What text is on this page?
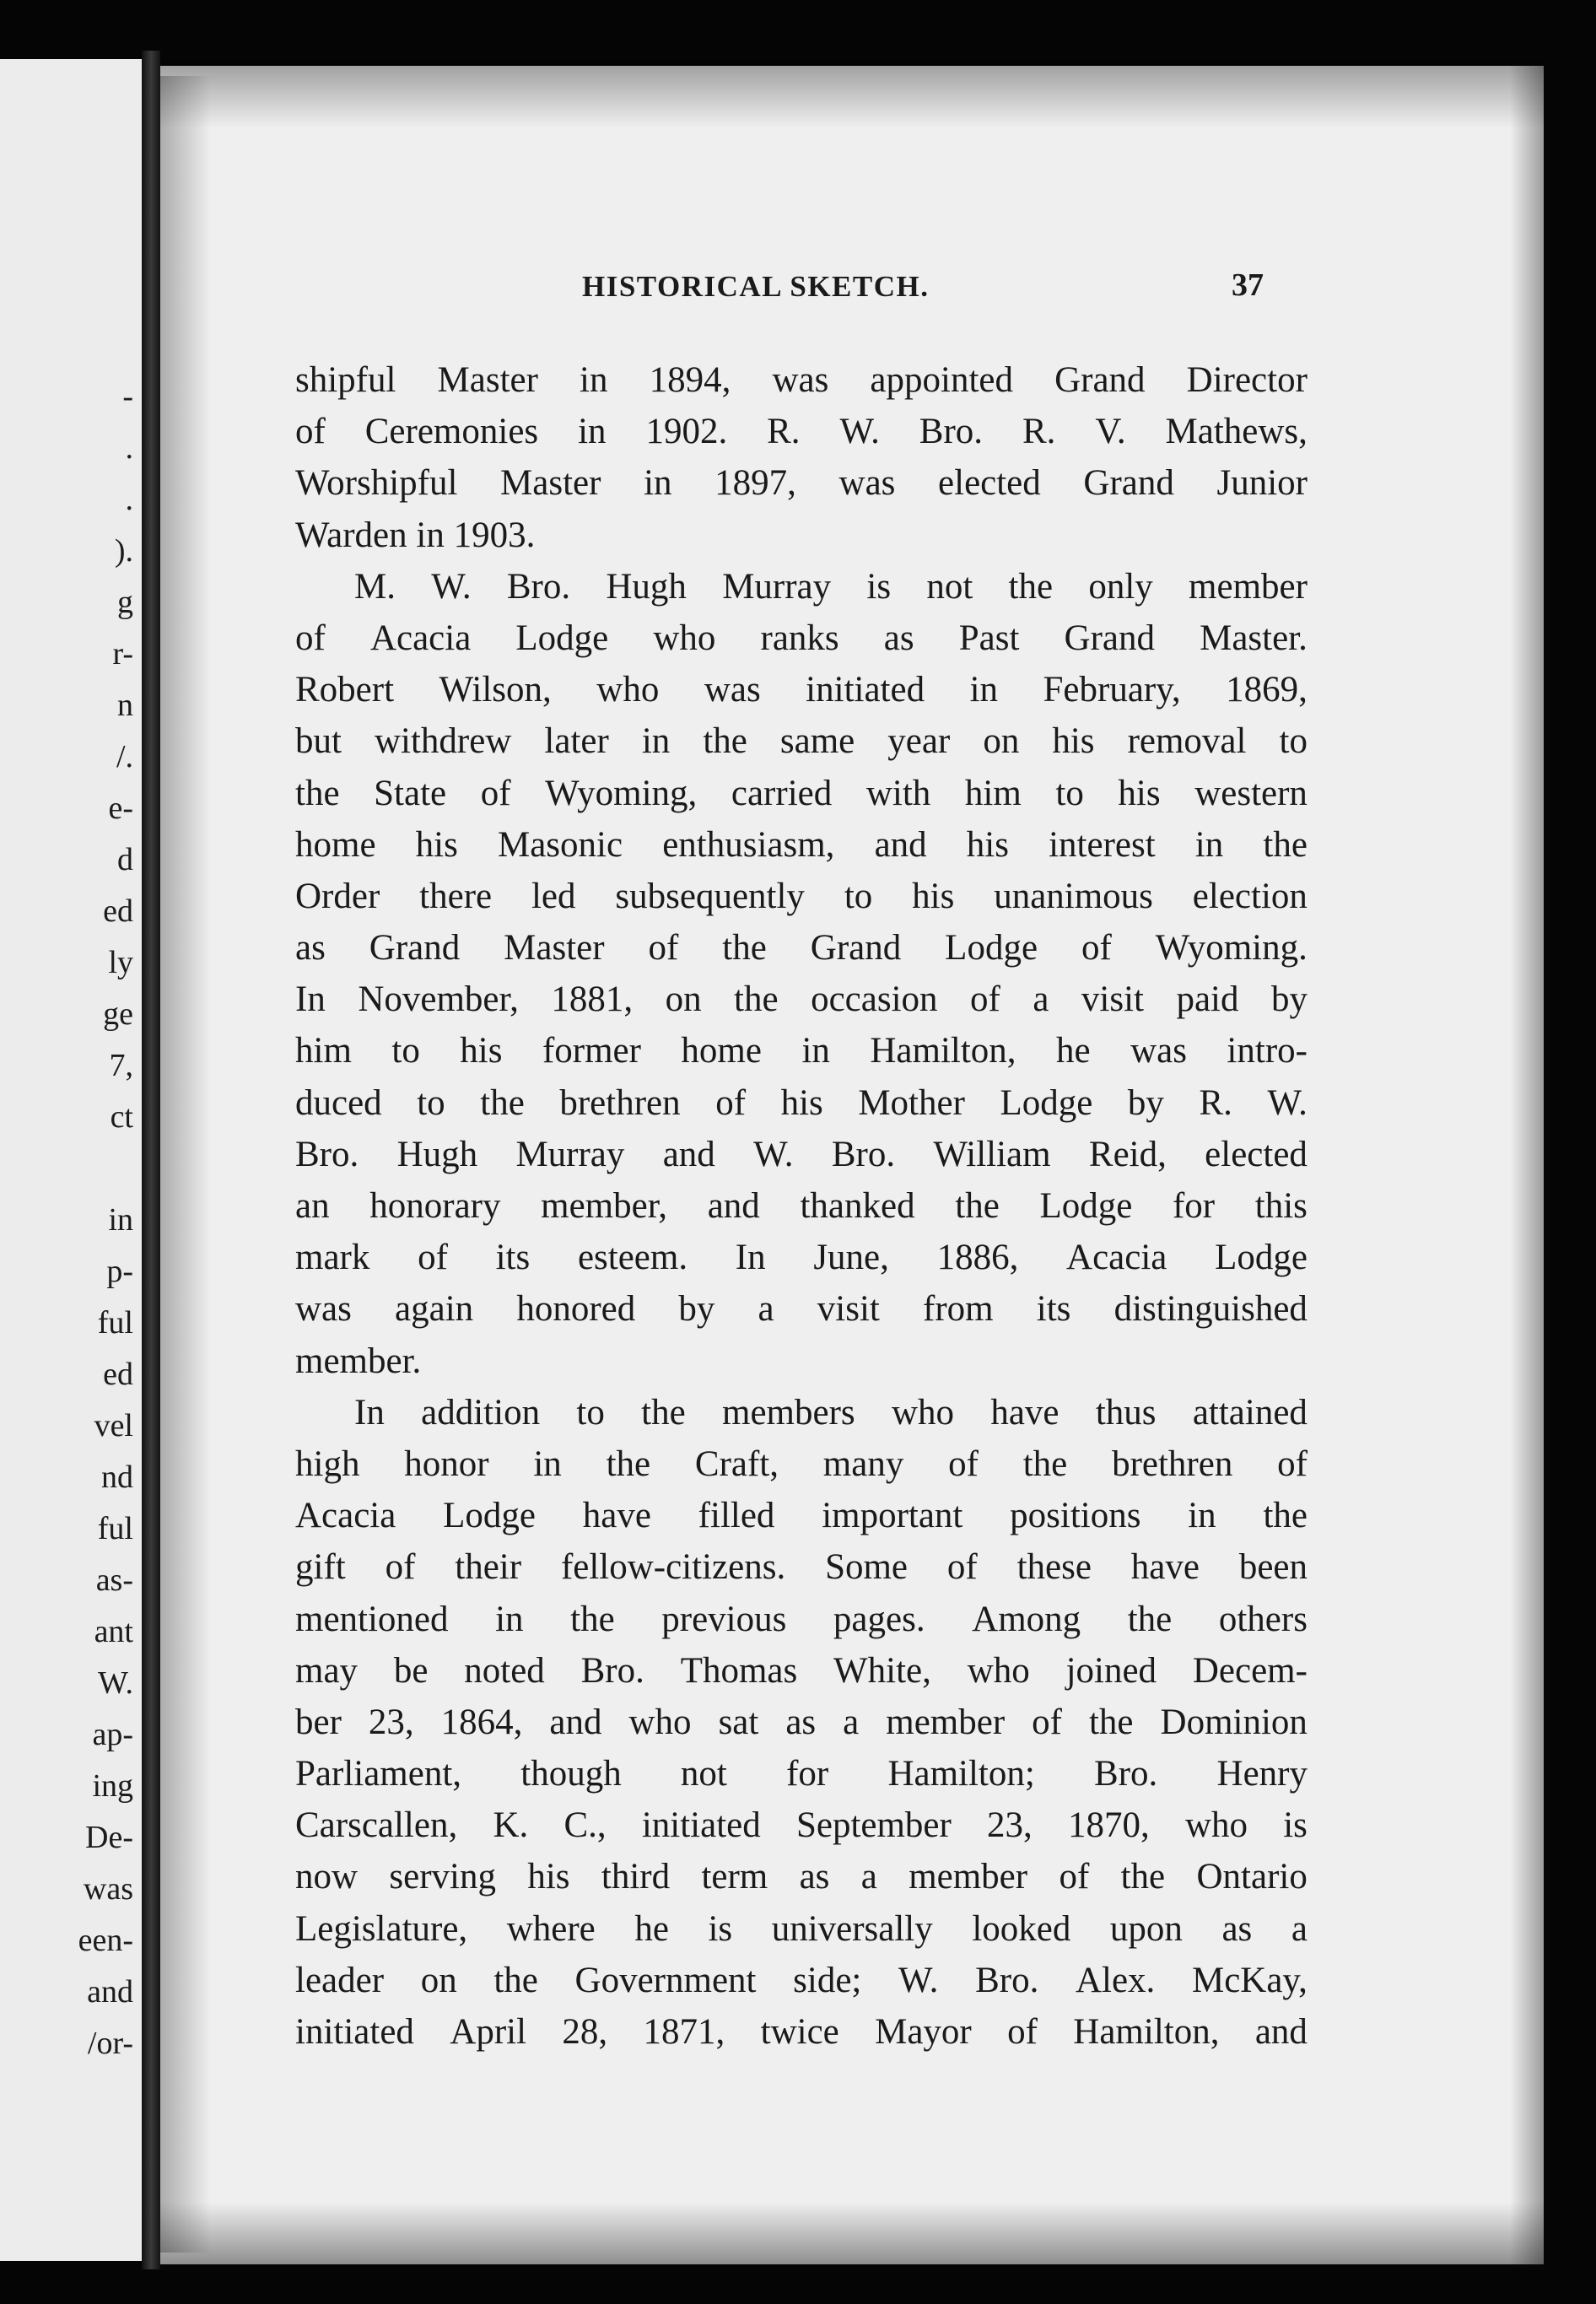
-
.
.
).
g
r-
n
/.
e-
d
ed
ly
ge
7,
ct
in
p-
ful
ed
vel
nd
ful
as-
ant
W.
ap-
ing
De-
was
een-
and
/or-
HISTORICAL SKETCH.	37
shipful Master in 1894, was appointed Grand Director
of Ceremonies in 1902. R. W. Bro. R. V. Mathews,
Worshipful Master in 1897, was elected Grand Junior
Warden in 1903.
M. W. Bro. Hugh Murray is not the only member
of Acacia Lodge who ranks as Past Grand Master.
Robert Wilson, who was initiated in February, 1869,
but withdrew later in the same year on his removal to
the State of Wyoming, carried with him to his western
home his Masonic enthusiasm, and his interest in the
Order there led subsequently to his unanimous election
as Grand Master of the Grand Lodge of Wyoming.
In November, 1881, on the occasion of a visit paid by
him to his former home in Hamilton, he was intro-
duced to the brethren of his Mother Lodge by R. W.
Bro. Hugh Murray and W. Bro. William Reid, elected
an honorary member, and thanked the Lodge for this
mark of its esteem. In June, 1886, Acacia Lodge
was again honored by a visit from its distinguished
member.
In addition to the members who have thus attained
high honor in the Craft, many of the brethren of
Acacia Lodge have filled important positions in the
gift of their fellow-citizens. Some of these have been
mentioned in the previous pages. Among the others
may be noted Bro. Thomas White, who joined Decem-
ber 23, 1864, and who sat as a member of the Dominion
Parliament, though not for Hamilton; Bro. Henry
Carscallen, K. C., initiated September 23, 1870, who is
now serving his third term as a member of the Ontario
Legislature, where he is universally looked upon as a
leader on the Government side; W. Bro. Alex. McKay,
initiated April 28, 1871, twice Mayor of Hamilton, and
